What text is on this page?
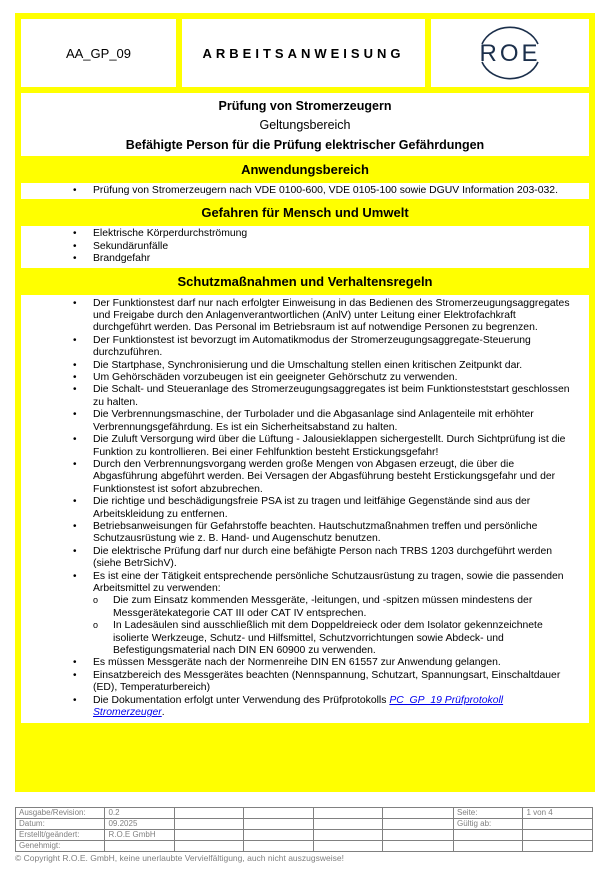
AA_GP_09	ARBEITSANWEISUNG	ROE
Prüfung von Stromerzeugern
Geltungsbereich
Befähigte Person für die Prüfung elektrischer Gefährdungen
Anwendungsbereich
• Prüfung von Stromerzeugern nach VDE 0100-600, VDE 0105-100 sowie DGUV Information 203-032.
Gefahren für Mensch und Umwelt
• Elektrische Körperdurchströmung
• Sekundärunfälle
• Brandgefahr
Schutzmaßnahmen und Verhaltensregeln
• Der Funktionstest darf nur nach erfolgter Einweisung in das Bedienen des Stromerzeugungsaggregates und Freigabe durch den Anlagenverantwortlichen (AnlV) unter Leitung einer Elektrofachkraft durchgeführt werden. Das Personal im Betriebsraum ist auf notwendige Personen zu begrenzen.
• Der Funktionstest ist bevorzugt im Automatikmodus der Stromerzeugungsaggregate-Steuerung durchzuführen.
• Die Startphase, Synchronisierung und die Umschaltung stellen einen kritischen Zeitpunkt dar.
• Um Gehörschäden vorzubeugen ist ein geeigneter Gehörschutz zu verwenden.
• Die Schalt- und Steueranlage des Stromerzeugungsaggregates ist beim Funktionsteststart geschlossen zu halten.
• Die Verbrennungsmaschine, der Turbolader und die Abgasanlage sind Anlagenteile mit erhöhter Verbrennungsgefährdung. Es ist ein Sicherheitsabstand zu halten.
• Die Zuluft Versorgung wird über die Lüftung - Jalousieklappen sichergestellt. Durch Sichtprüfung ist die Funktion zu kontrollieren. Bei einer Fehlfunktion besteht Erstickungsgefahr!
• Durch den Verbrennungsvorgang werden große Mengen von Abgasen erzeugt, die über die Abgasführung abgeführt werden. Bei Versagen der Abgasführung besteht Erstickungsgefahr und der Funktionstest ist sofort abzubrechen.
• Die richtige und beschädigungsfreie PSA ist zu tragen und leitfähige Gegenstände sind aus der Arbeitskleidung zu entfernen.
• Betriebsanweisungen für Gefahrstoffe beachten. Hautschutzmaßnahmen treffen und persönliche Schutzausrüstung wie z. B. Hand- und Augenschutz benutzen.
• Die elektrische Prüfung darf nur durch eine befähigte Person nach TRBS 1203 durchgeführt werden (siehe BetrSichV).
• Es ist eine der Tätigkeit entsprechende persönliche Schutzausrüstung zu tragen, sowie die passenden Arbeitsmittel zu verwenden:
o Die zum Einsatz kommenden Messgeräte, -leitungen, und -spitzen müssen mindestens der Messgerätekategorie CAT III oder CAT IV entsprechen.
o In Ladesäulen sind ausschließlich mit dem Doppeldreieck oder dem Isolator gekennzeichnete isolierte Werkzeuge, Schutz- und Hilfsmittel, Schutzvorrichtungen sowie Abdeck- und Befestigungsmaterial nach DIN EN 60900 zu verwenden.
• Es müssen Messgeräte nach der Normenreihe DIN EN 61557 zur Anwendung gelangen.
• Einsatzbereich des Messgerätes beachten (Nennspannung, Schutzart, Spannungsart, Einschaltdauer (ED), Temperaturbereich)
• Die Dokumentation erfolgt unter Verwendung des Prüfprotokolls PC_GP_19 Prüfprotokoll Stromerzeuger.
Ausgabe/Revision:	0.2					Seite:	1 von 4
Datum:	09.2025					Gültig ab:	
Erstellt/geändert:	R.O.E GmbH						
Genehmigt:							
© Copyright R.O.E. GmbH, keine unerlaubte Vervielfältigung, auch nicht auszugsweise!
